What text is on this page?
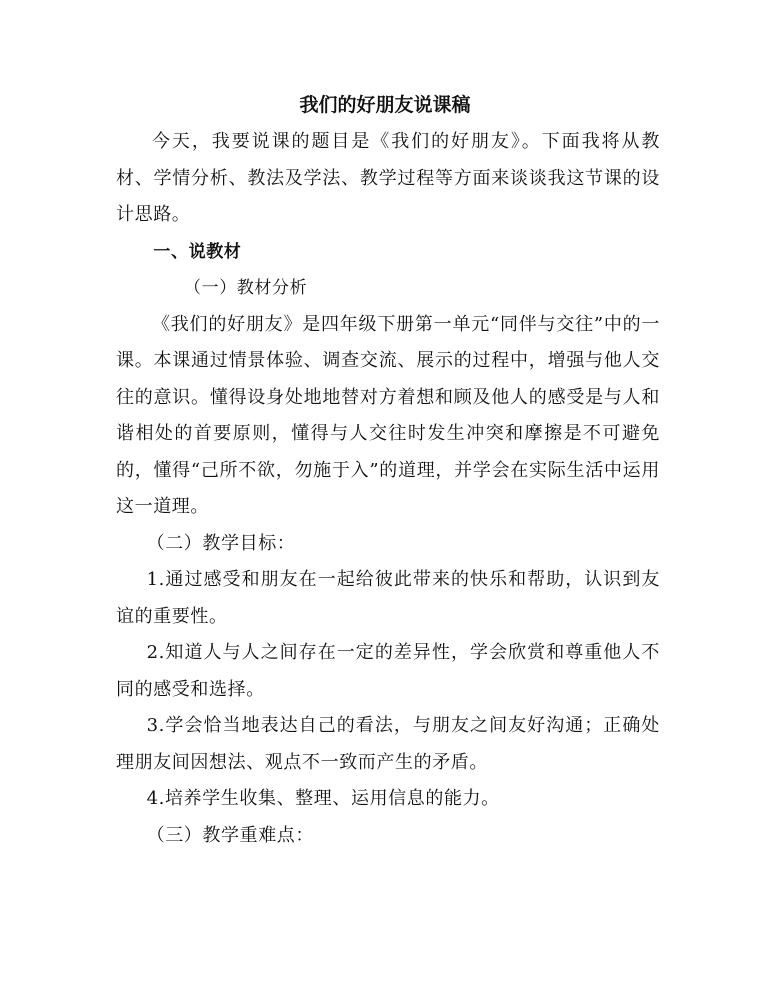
我们的好朋友说课稿

今天，我要说课的题目是《我们的好朋友》。下面我将从教材、学情分析、教法及学法、教学过程等方面来谈谈我这节课的设计思路。

一、说教材

（一）教材分析

《我们的好朋友》是四年级下册第一单元“同伴与交往”中的一课。本课通过情景体验、调查交流、展示的过程中，增强与他人交往的意识。懂得设身处地地替对方着想和顾及他人的感受是与人和谐相处的首要原则，懂得与人交往时发生冲突和摩擦是不可避免的，懂得“己所不欲，勿施于入”的道理，并学会在实际生活中运用这一道理。

（二）教学目标：

1.通过感受和朋友在一起给彼此带来的快乐和帮助，认识到友谊的重要性。

2.知道人与人之间存在一定的差异性，学会欣赏和尊重他人不同的感受和选择。

3.学会恰当地表达自己的看法，与朋友之间友好沟通；正确处理朋友间因想法、观点不一致而产生的矛盾。

4.培养学生收集、整理、运用信息的能力。

（三）教学重难点：
